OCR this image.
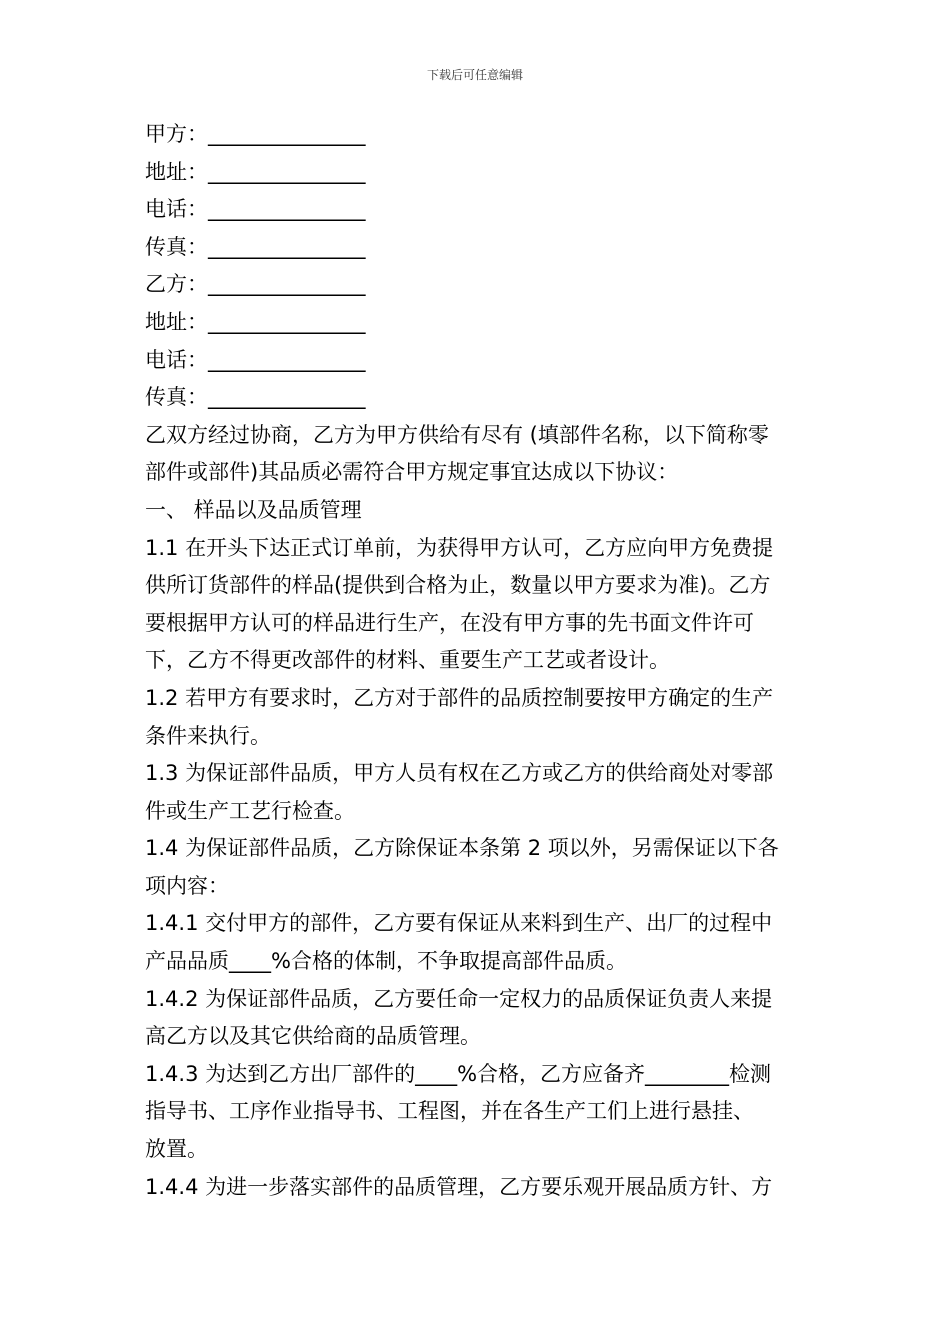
下载后可任意编辑
甲方：_______________
地址：_______________
电话：_______________
传真：_______________
乙方：_______________
地址：_______________
电话：_______________
传真：_______________
乙双方经过协商，乙方为甲方供给有尽有 (填部件名称，以下简称零
部件或部件)其品质必需符合甲方规定事宜达成以下协议：
一、 样品以及品质管理
1.1 在开头下达正式订单前，为获得甲方认可，乙方应向甲方免费提
供所订货部件的样品(提供到合格为止，数量以甲方要求为准)。乙方
要根据甲方认可的样品进行生产，在没有甲方事的先书面文件许可
下，乙方不得更改部件的材料、重要生产工艺或者设计。
1.2 若甲方有要求时，乙方对于部件的品质控制要按甲方确定的生产
条件来执行。
1.3 为保证部件品质，甲方人员有权在乙方或乙方的供给商处对零部
件或生产工艺行检查。
1.4 为保证部件品质，乙方除保证本条第 2 项以外，另需保证以下各
项内容：
1.4.1 交付甲方的部件，乙方要有保证从来料到生产、出厂的过程中
产品品质____%合格的体制，不争取提高部件品质。
1.4.2 为保证部件品质，乙方要任命一定权力的品质保证负责人来提
高乙方以及其它供给商的品质管理。
1.4.3 为达到乙方出厂部件的____%合格，乙方应备齐________检测
指导书、工序作业指导书、工程图，并在各生产工们上进行悬挂、
放置。
1.4.4 为进一步落实部件的品质管理，乙方要乐观开展品质方针、方
